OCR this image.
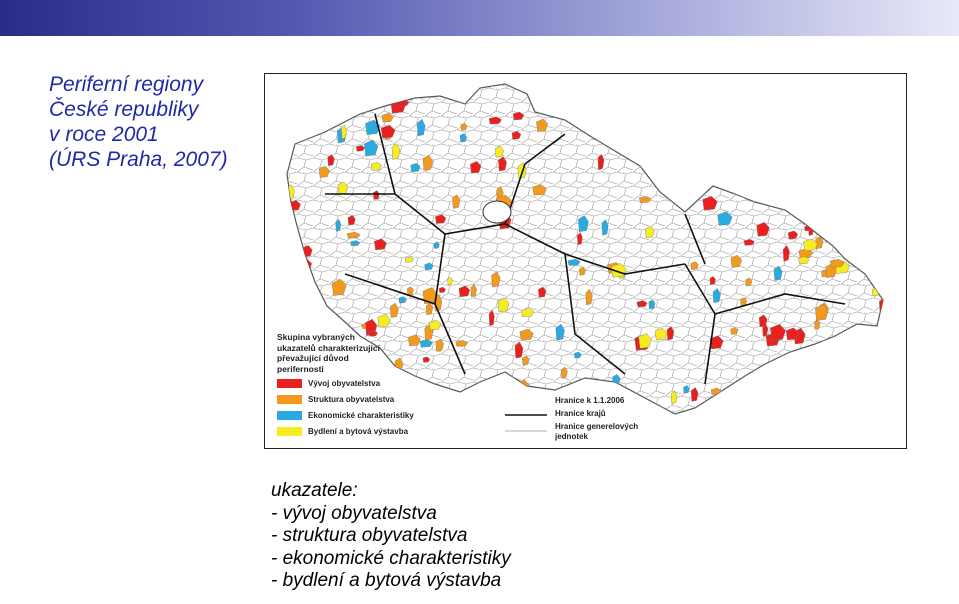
Periferní regiony
České republiky
v roce 2001
(ÚRS Praha, 2007)
Skupina vybraných
ukazatelů charakterizující
převažující důvod
periferností
Vývoj obyvatelstva
Struktura obyvatelstva
Ekonomické charakteristiky
Bydlení a bytová výstavba
Hranice k 1.1.2006
Hranice krajů
Hranice generelových jednotek
ukazatele:
- vývoj obyvatelstva
- struktura obyvatelstva
- ekonomické charakteristiky
- bydlení a bytová výstavba
